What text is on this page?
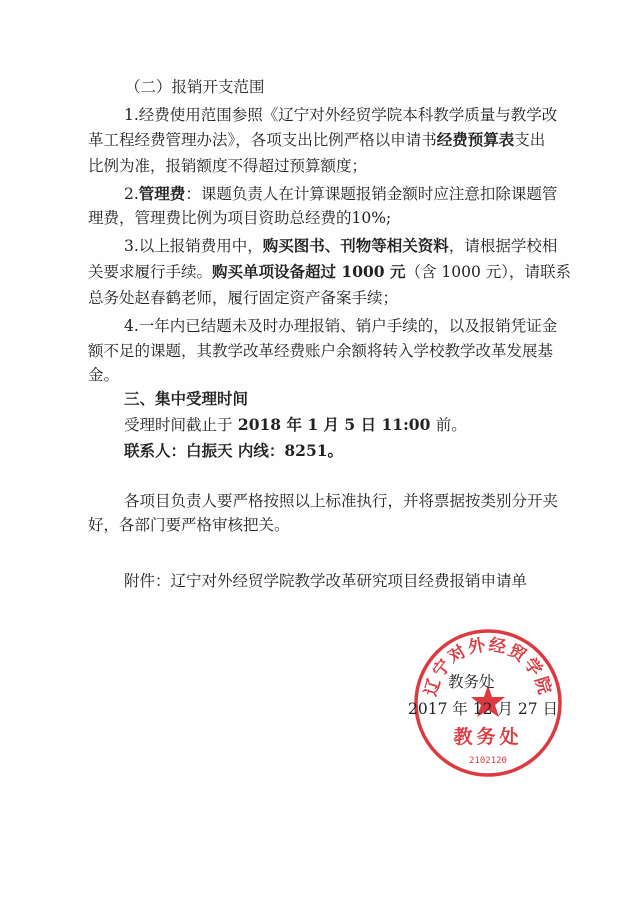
（二）报销开支范围
1.经费使用范围参照《辽宁对外经贸学院本科教学质量与教学改
革工程经费管理办法》，各项支出比例严格以申请书经费预算表支出
比例为准，报销额度不得超过预算额度；
2.管理费：课题负责人在计算课题报销金额时应注意扣除课题管
理费，管理费比例为项目资助总经费的10%;
3.以上报销费用中，购买图书、刊物等相关资料，请根据学校相
关要求履行手续。购买单项设备超过 1000 元（含 1000 元），请联系
总务处赵春鹤老师，履行固定资产备案手续；
4.一年内已结题未及时办理报销、销户手续的，以及报销凭证金
额不足的课题，其教学改革经费账户余额将转入学校教学改革发展基
金。
三、集中受理时间
受理时间截止于 2018 年 1 月 5 日 11:00 前。
联系人：白振天 内线：8251。
各项目负责人要严格按照以上标准执行，并将票据按类别分开夹
好，各部门要严格审核把关。
附件：辽宁对外经贸学院教学改革研究项目经费报销申请单
辽宁对外经贸学院
教务处
2102120
教务处
2017 年 12 月 27 日
